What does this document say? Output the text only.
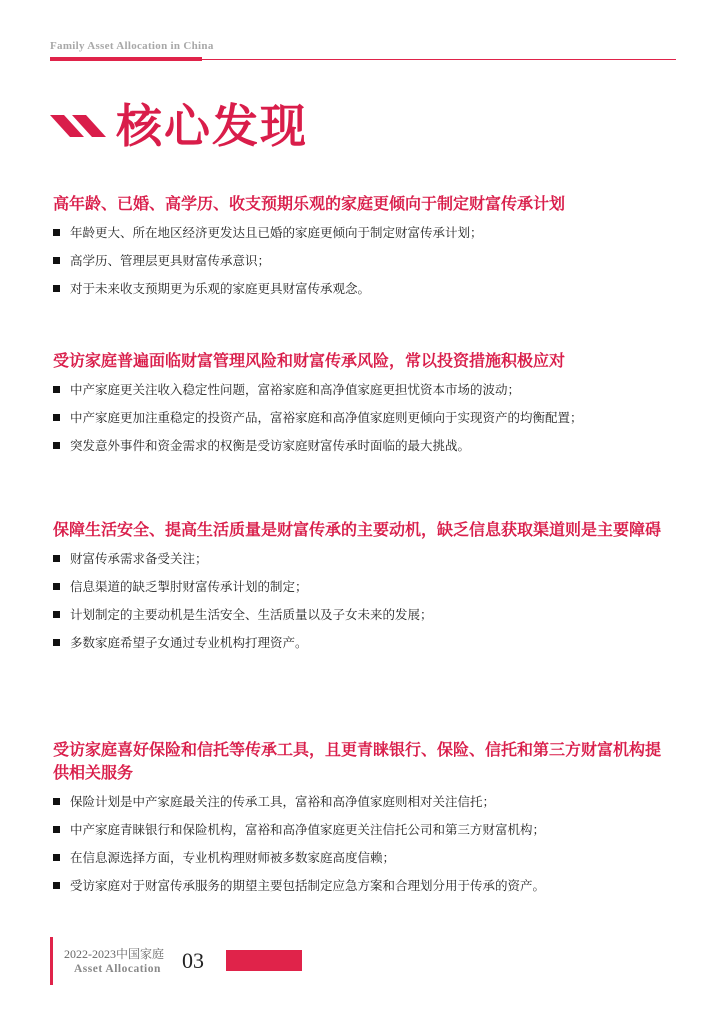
Family Asset Allocation in China
核心发现
高年龄、已婚、高学历、收支预期乐观的家庭更倾向于制定财富传承计划
年龄更大、所在地区经济更发达且已婚的家庭更倾向于制定财富传承计划；
高学历、管理层更具财富传承意识；
对于未来收支预期更为乐观的家庭更具财富传承观念。
受访家庭普遍面临财富管理风险和财富传承风险，常以投资措施积极应对
中产家庭更关注收入稳定性问题，富裕家庭和高净值家庭更担忧资本市场的波动；
中产家庭更加注重稳定的投资产品，富裕家庭和高净值家庭则更倾向于实现资产的均衡配置；
突发意外事件和资金需求的权衡是受访家庭财富传承时面临的最大挑战。
保障生活安全、提高生活质量是财富传承的主要动机，缺乏信息获取渠道则是主要障碍
财富传承需求备受关注；
信息渠道的缺乏掣肘财富传承计划的制定；
计划制定的主要动机是生活安全、生活质量以及子女未来的发展；
多数家庭希望子女通过专业机构打理资产。
受访家庭喜好保险和信托等传承工具，且更青睐银行、保险、信托和第三方财富机构提供相关服务
保险计划是中产家庭最关注的传承工具，富裕和高净值家庭则相对关注信托；
中产家庭青睐银行和保险机构，富裕和高净值家庭更关注信托公司和第三方财富机构；
在信息源选择方面，专业机构理财师被多数家庭高度信赖；
受访家庭对于财富传承服务的期望主要包括制定应急方案和合理划分用于传承的资产。
2022-2023中国家庭
Asset Allocation 03
